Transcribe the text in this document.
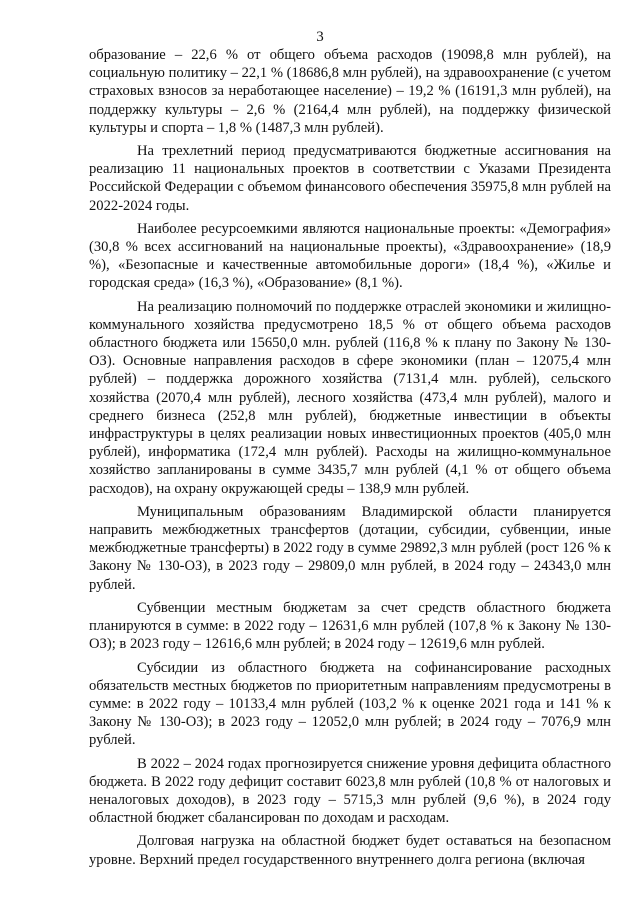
3

образование – 22,6 % от общего объема расходов (19098,8 млн рублей), на социальную политику – 22,1 % (18686,8 млн рублей), на здравоохранение (с учетом страховых взносов за неработающее население) – 19,2 % (16191,3 млн рублей), на поддержку культуры – 2,6 % (2164,4 млн рублей), на поддержку физической культуры и спорта – 1,8 % (1487,3 млн рублей).

На трехлетний период предусматриваются бюджетные ассигнования на реализацию 11 национальных проектов в соответствии с Указами Президента Российской Федерации с объемом финансового обеспечения 35975,8 млн рублей на 2022-2024 годы.

Наиболее ресурсоемкими являются национальные проекты: «Демография» (30,8 % всех ассигнований на национальные проекты), «Здравоохранение» (18,9 %), «Безопасные и качественные автомобильные дороги» (18,4 %), «Жилье и городская среда» (16,3 %), «Образование» (8,1 %).

На реализацию полномочий по поддержке отраслей экономики и жилищно-коммунального хозяйства предусмотрено 18,5 % от общего объема расходов областного бюджета или 15650,0 млн. рублей (116,8 % к плану по Закону № 130-ОЗ). Основные направления расходов в сфере экономики (план – 12075,4 млн рублей) – поддержка дорожного хозяйства (7131,4 млн. рублей), сельского хозяйства (2070,4 млн рублей), лесного хозяйства (473,4 млн рублей), малого и среднего бизнеса (252,8 млн рублей), бюджетные инвестиции в объекты инфраструктуры в целях реализации новых инвестиционных проектов (405,0 млн рублей), информатика (172,4 млн рублей). Расходы на жилищно-коммунальное хозяйство запланированы в сумме 3435,7 млн рублей (4,1 % от общего объема расходов), на охрану окружающей среды – 138,9 млн рублей.

Муниципальным образованиям Владимирской области планируется направить межбюджетных трансфертов (дотации, субсидии, субвенции, иные межбюджетные трансферты) в 2022 году в сумме 29892,3 млн рублей (рост 126 % к Закону № 130-ОЗ), в 2023 году – 29809,0 млн рублей, в 2024 году – 24343,0 млн рублей.

Субвенции местным бюджетам за счет средств областного бюджета планируются в сумме: в 2022 году – 12631,6 млн рублей (107,8 % к Закону № 130-ОЗ); в 2023 году – 12616,6 млн рублей; в 2024 году – 12619,6 млн рублей.

Субсидии из областного бюджета на софинансирование расходных обязательств местных бюджетов по приоритетным направлениям предусмотрены в сумме: в 2022 году – 10133,4 млн рублей (103,2 % к оценке 2021 года и 141 % к Закону № 130-ОЗ); в 2023 году – 12052,0 млн рублей; в 2024 году – 7076,9 млн рублей.

В 2022 – 2024 годах прогнозируется снижение уровня дефицита областного бюджета. В 2022 году дефицит составит 6023,8 млн рублей (10,8 % от налоговых и неналоговых доходов), в 2023 году – 5715,3 млн рублей (9,6 %), в 2024 году областной бюджет сбалансирован по доходам и расходам.

Долговая нагрузка на областной бюджет будет оставаться на безопасном уровне. Верхний предел государственного внутреннего долга региона (включая
